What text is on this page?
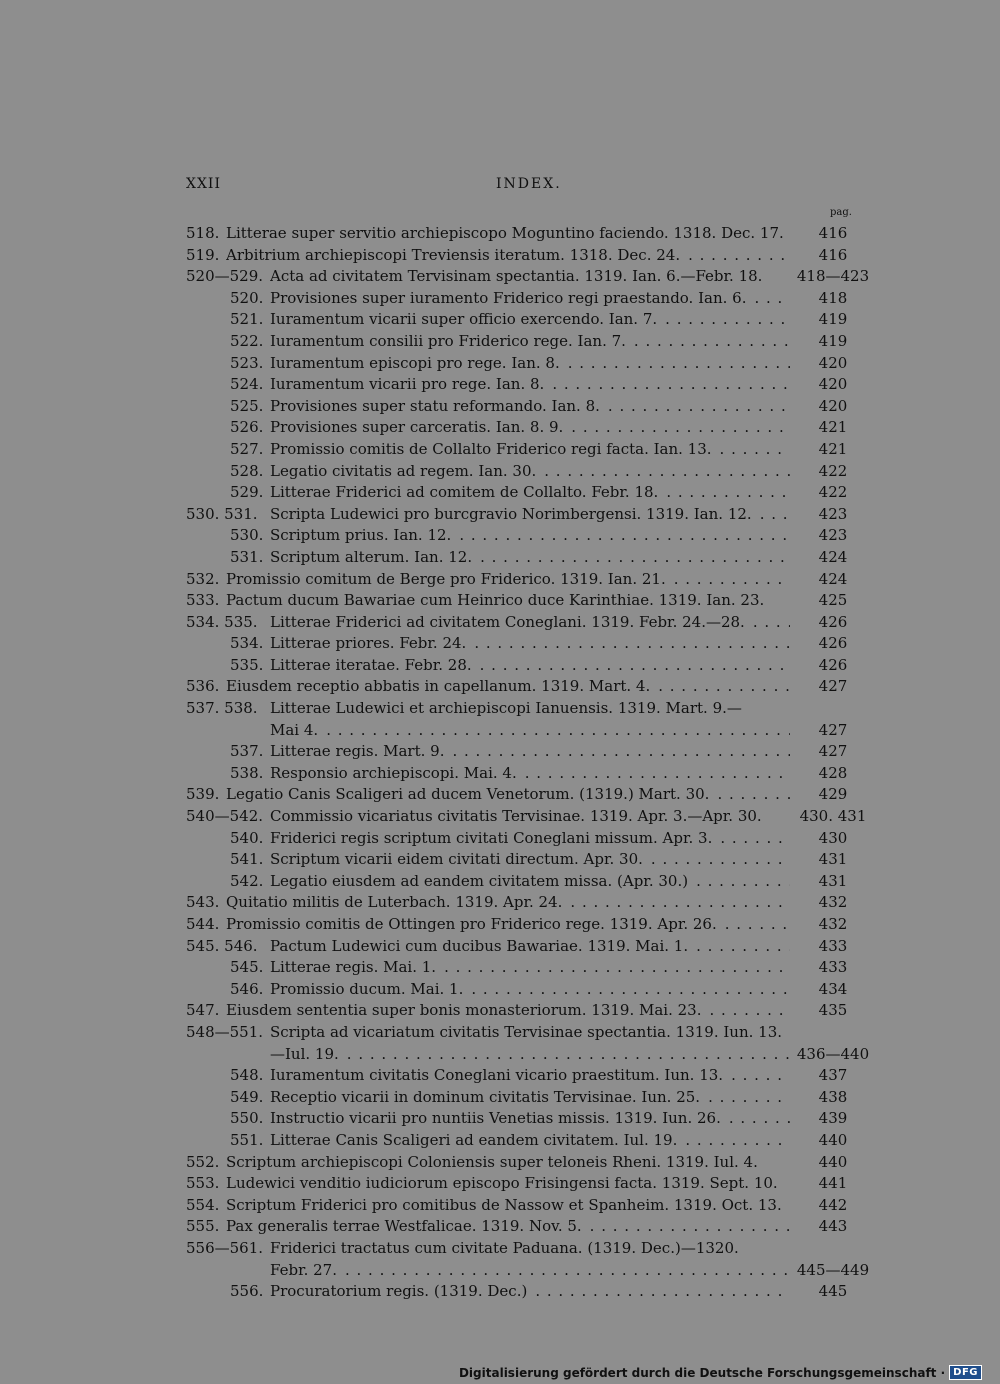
XXII	INDEX.
pag.
518. Litterae super servitio archiepiscopo Moguntino faciendo. 1318. Dec. 17.	416
519. Arbitrium archiepiscopi Treviensis iteratum. 1318. Dec. 24. . . .	416
520—529. Acta ad civitatem Tervisinam spectantia. 1319. Ian. 6.—Febr. 18.	418—423
520. Provisiones super iuramento Friderico regi praestando. Ian. 6. . . .	418
521. Iuramentum vicarii super officio exercendo. Ian. 7. . . .	419
522. Iuramentum consilii pro Friderico rege. Ian. 7. . . .	419
523. Iuramentum episcopi pro rege. Ian. 8. . . .	420
524. Iuramentum vicarii pro rege. Ian. 8. . . .	420
525. Provisiones super statu reformando. Ian. 8. . . .	420
526. Provisiones super carceratis. Ian. 8. 9. . . .	421
527. Promissio comitis de Collalto Friderico regi facta. Ian. 13. . . .	421
528. Legatio civitatis ad regem. Ian. 30. . . .	422
529. Litterae Friderici ad comitem de Collalto. Febr. 18. . . .	422
530. 531. Scripta Ludewici pro burcgravio Norimbergensi. 1319. Ian. 12. . . .	423
530. Scriptum prius. Ian. 12. . . .	423
531. Scriptum alterum. Ian. 12. . . .	424
532. Promissio comitum de Berge pro Friderico. 1319. Ian. 21. . . .	424
533. Pactum ducum Bawariae cum Heinrico duce Karinthiae. 1319. Ian. 23.	425
534. 535. Litterae Friderici ad civitatem Coneglani. 1319. Febr. 24.—28. . . .	426
534. Litterae priores. Febr. 24. . . .	426
535. Litterae iteratae. Febr. 28. . . .	426
536. Eiusdem receptio abbatis in capellanum. 1319. Mart. 4. . . .	427
537. 538. Litterae Ludewici et archiepiscopi Ianuensis. 1319. Mart. 9.—
Mai 4. . . .	427
537. Litterae regis. Mart. 9. . . .	427
538. Responsio archiepiscopi. Mai. 4. . . .	428
539. Legatio Canis Scaligeri ad ducem Venetorum. (1319.) Mart. 30. . . .	429
540—542. Commissio vicariatus civitatis Tervisinae. 1319. Apr. 3.—Apr. 30.	430. 431
540. Friderici regis scriptum civitati Coneglani missum. Apr. 3. . . .	430
541. Scriptum vicarii eidem civitati directum. Apr. 30. . . .	431
542. Legatio eiusdem ad eandem civitatem missa. (Apr. 30.) . . .	431
543. Quitatio militis de Luterbach. 1319. Apr. 24. . . .	432
544. Promissio comitis de Ottingen pro Friderico rege. 1319. Apr. 26. . . .	432
545. 546. Pactum Ludewici cum ducibus Bawariae. 1319. Mai. 1. . . .	433
545. Litterae regis. Mai. 1. . . .	433
546. Promissio ducum. Mai. 1. . . .	434
547. Eiusdem sententia super bonis monasteriorum. 1319. Mai. 23. . . .	435
548—551. Scripta ad vicariatum civitatis Tervisinae spectantia. 1319. Iun. 13.
—Iul. 19. . . .	436—440
548. Iuramentum civitatis Coneglani vicario praestitum. Iun. 13. . . .	437
549. Receptio vicarii in dominum civitatis Tervisinae. Iun. 25. . . .	438
550. Instructio vicarii pro nuntiis Venetias missis. 1319. Iun. 26. . . .	439
551. Litterae Canis Scaligeri ad eandem civitatem. Iul. 19. . . .	440
552. Scriptum archiepiscopi Coloniensis super teloneis Rheni. 1319. Iul. 4.	440
553. Ludewici venditio iudiciorum episcopo Frisingensi facta. 1319. Sept. 10.	441
554. Scriptum Friderici pro comitibus de Nassow et Spanheim. 1319. Oct. 13.	442
555. Pax generalis terrae Westfalicae. 1319. Nov. 5. . . .	443
556—561. Friderici tractatus cum civitate Paduana. (1319. Dec.)—1320.
Febr. 27. . . .	445—449
556. Procuratorium regis. (1319. Dec.) . . .	445
Digitalisierung gefördert durch die Deutsche Forschungsgemeinschaft · DFG
